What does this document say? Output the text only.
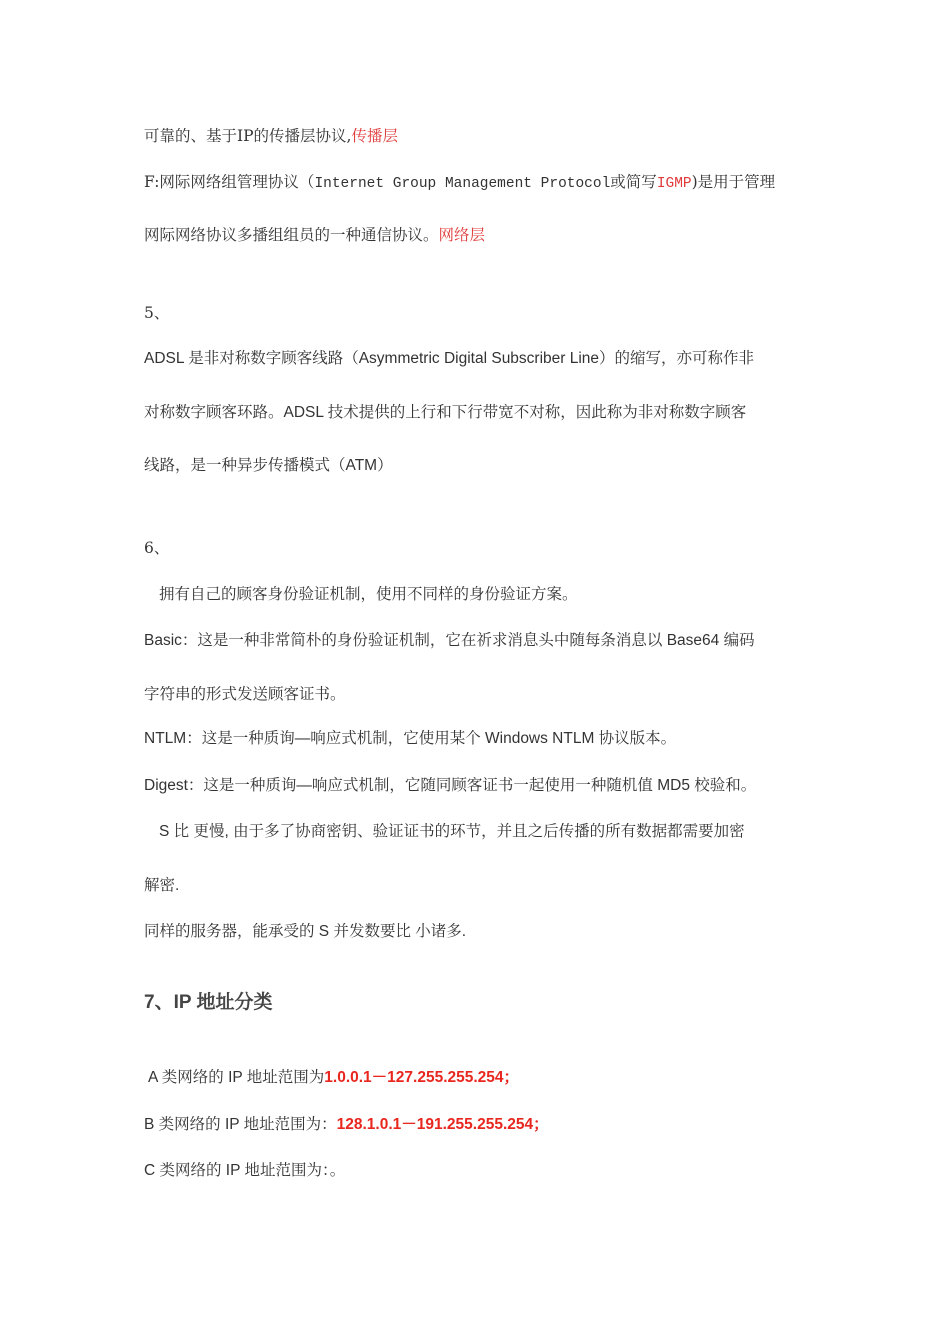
可靠的、基于IP的传播层协议,传播层
F:网际网络组管理协议（Internet Group Management Protocol或简写IGMP)是用于管理
网际网络协议多播组组员的一种通信协议。网络层
5、
ADSL 是非对称数字顾客线路（Asymmetric Digital Subscriber Line）的缩写，亦可称作非
对称数字顾客环路。ADSL 技术提供的上行和下行带宽不对称，因此称为非对称数字顾客
线路，是一种异步传播模式（ATM）
6、
拥有自己的顾客身份验证机制，使用不同样的身份验证方案。
Basic：这是一种非常简朴的身份验证机制，它在祈求消息头中随每条消息以 Base64 编码
字符串的形式发送顾客证书。
NTLM：这是一种质询—响应式机制，它使用某个 Windows NTLM 协议版本。
Digest：这是一种质询—响应式机制，它随同顾客证书一起使用一种随机值 MD5 校验和。
S 比 更慢, 由于多了协商密钥、验证证书的环节，并且之后传播的所有数据都需要加密
解密.
同样的服务器，能承受的 S 并发数要比 小诸多.
7、IP 地址分类
A 类网络的 IP 地址范围为1.0.0.1－127.255.255.254；
B 类网络的 IP 地址范围为：128.1.0.1－191.255.255.254；
C 类网络的 IP 地址范围为：。
